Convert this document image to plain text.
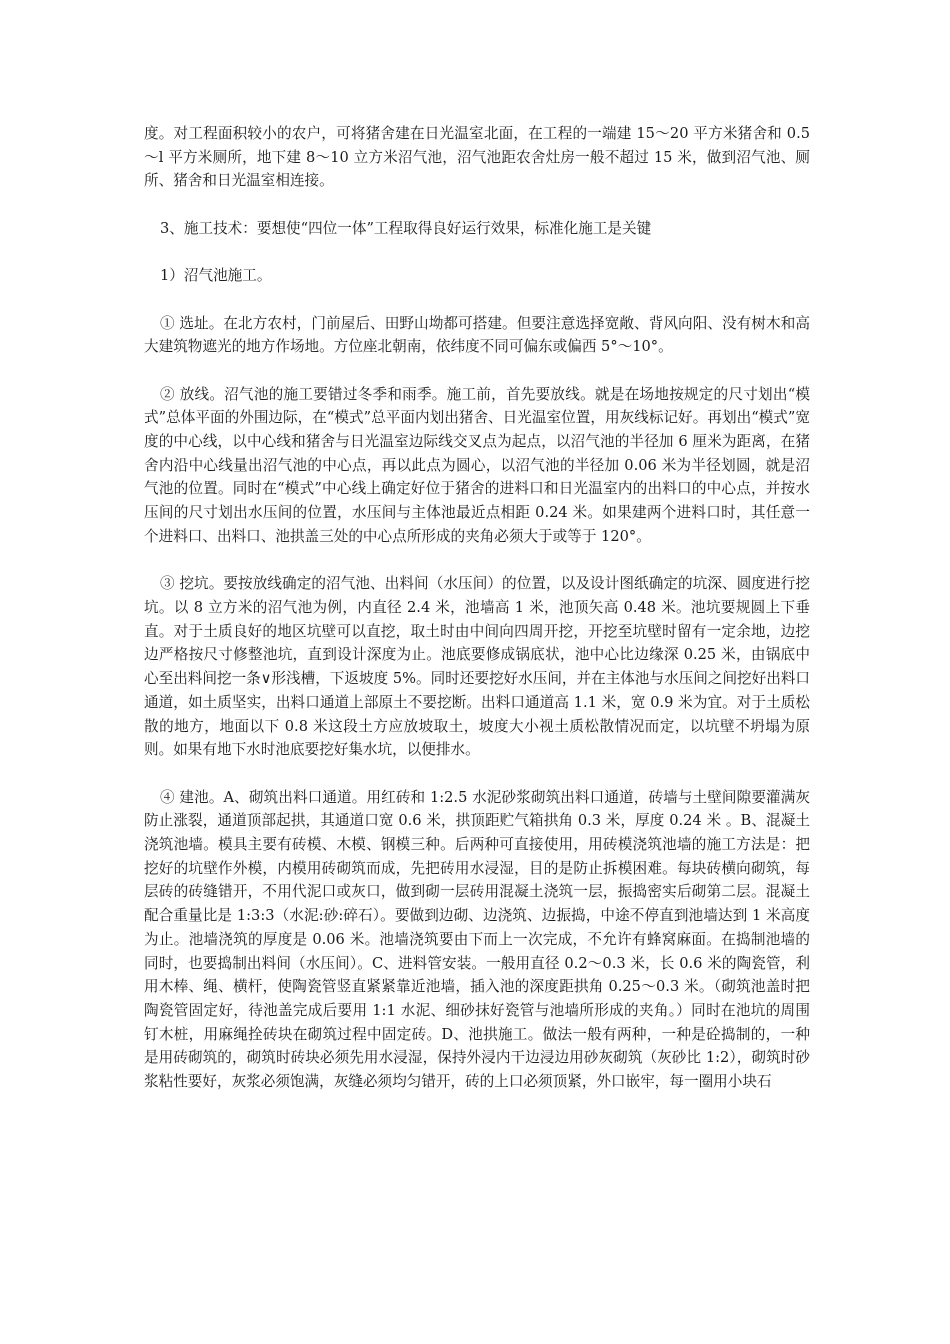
度。对工程面积较小的农户，可将猪舍建在日光温室北面，在工程的一端建 15～20 平方米猪舍和 0.5～l 平方米厕所，地下建 8～10 立方米沼气池，沼气池距农舍灶房一般不超过 15 米，做到沼气池、厕所、猪舍和日光温室相连接。

3、施工技术：要想使“四位一体”工程取得良好运行效果，标准化施工是关键

1）沼气池施工。

① 选址。在北方农村，门前屋后、田野山坳都可搭建。但要注意选择宽敞、背风向阳、没有树木和高大建筑物遮光的地方作场地。方位座北朝南，依纬度不同可偏东或偏西 5°～10°。

② 放线。沼气池的施工要错过冬季和雨季。施工前，首先要放线。就是在场地按规定的尺寸划出“模式”总体平面的外围边际，在“模式”总平面内划出猪舍、日光温室位置，用灰线标记好。再划出“模式”宽度的中心线，以中心线和猪舍与日光温室边际线交叉点为起点，以沼气池的半径加 6 厘米为距离，在猪舍内沿中心线量出沼气池的中心点，再以此点为圆心，以沼气池的半径加 0.06 米为半径划圆，就是沼气池的位置。同时在“模式”中心线上确定好位于猪舍的进料口和日光温室内的出料口的中心点，并按水压间的尺寸划出水压间的位置，水压间与主体池最近点相距 0.24 米。如果建两个进料口时，其任意一个进料口、出料口、池拱盖三处的中心点所形成的夹角必须大于或等于 120°。

③ 挖坑。要按放线确定的沼气池、出料间（水压间）的位置，以及设计图纸确定的坑深、圆度进行挖坑。以 8 立方米的沼气池为例，内直径 2.4 米，池墙高 1 米，池顶矢高 0.48 米。池坑要规圆上下垂直。对于土质良好的地区坑壁可以直挖，取土时由中间向四周开挖，开挖至坑壁时留有一定余地，边挖边严格按尺寸修整池坑，直到设计深度为止。池底要修成锅底状，池中心比边缘深 0.25 米，由锅底中心至出料间挖一条∨形浅槽，下返坡度 5%。同时还要挖好水压间，并在主体池与水压间之间挖好出料口通道，如土质坚实，出料口通道上部原土不要挖断。出料口通道高 1.1 米，宽 0.9 米为宜。对于土质松散的地方，地面以下 0.8 米这段土方应放坡取土，坡度大小视土质松散情况而定，以坑壁不坍塌为原则。如果有地下水时池底要挖好集水坑，以便排水。

④ 建池。A、砌筑出料口通道。用红砖和 1:2.5 水泥砂浆砌筑出料口通道，砖墙与土壁间隙要灌满灰防止涨裂，通道顶部起拱，其通道口宽 0.6 米，拱顶距贮气箱拱角 0.3 米，厚度 0.24 米 。B、混凝土浇筑池墙。模具主要有砖模、木模、钢模三种。后两种可直接使用，用砖模浇筑池墙的施工方法是：把挖好的坑壁作外模，内模用砖砌筑而成，先把砖用水浸湿，目的是防止拆模困难。每块砖横向砌筑，每层砖的砖缝错开，不用代泥口或灰口，做到砌一层砖用混凝土浇筑一层，振捣密实后砌第二层。混凝土配合重量比是 1:3:3（水泥:砂:碎石）。要做到边砌、边浇筑、边振捣，中途不停直到池墙达到 1 米高度为止。池墙浇筑的厚度是 0.06 米。池墙浇筑要由下而上一次完成，不允许有蜂窝麻面。在捣制池墙的同时，也要捣制出料间（水压间）。C、进料管安装。一般用直径 0.2～0.3 米，长 0.6 米的陶瓷管，利用木棒、绳、横杆，使陶瓷管竖直紧紧靠近池墙，插入池的深度距拱角 0.25～0.3 米。（砌筑池盖时把陶瓷管固定好，待池盖完成后要用 1:1 水泥、细砂抹好瓷管与池墙所形成的夹角。）同时在池坑的周围钉木桩，用麻绳拴砖块在砌筑过程中固定砖。D、池拱施工。做法一般有两种，一种是砼捣制的，一种是用砖砌筑的，砌筑时砖块必须先用水浸湿，保持外浸内干边浸边用砂灰砌筑（灰砂比 1:2），砌筑时砂浆粘性要好，灰浆必须饱满，灰缝必须均匀错开，砖的上口必须顶紧，外口嵌牢，每一圈用小块石
